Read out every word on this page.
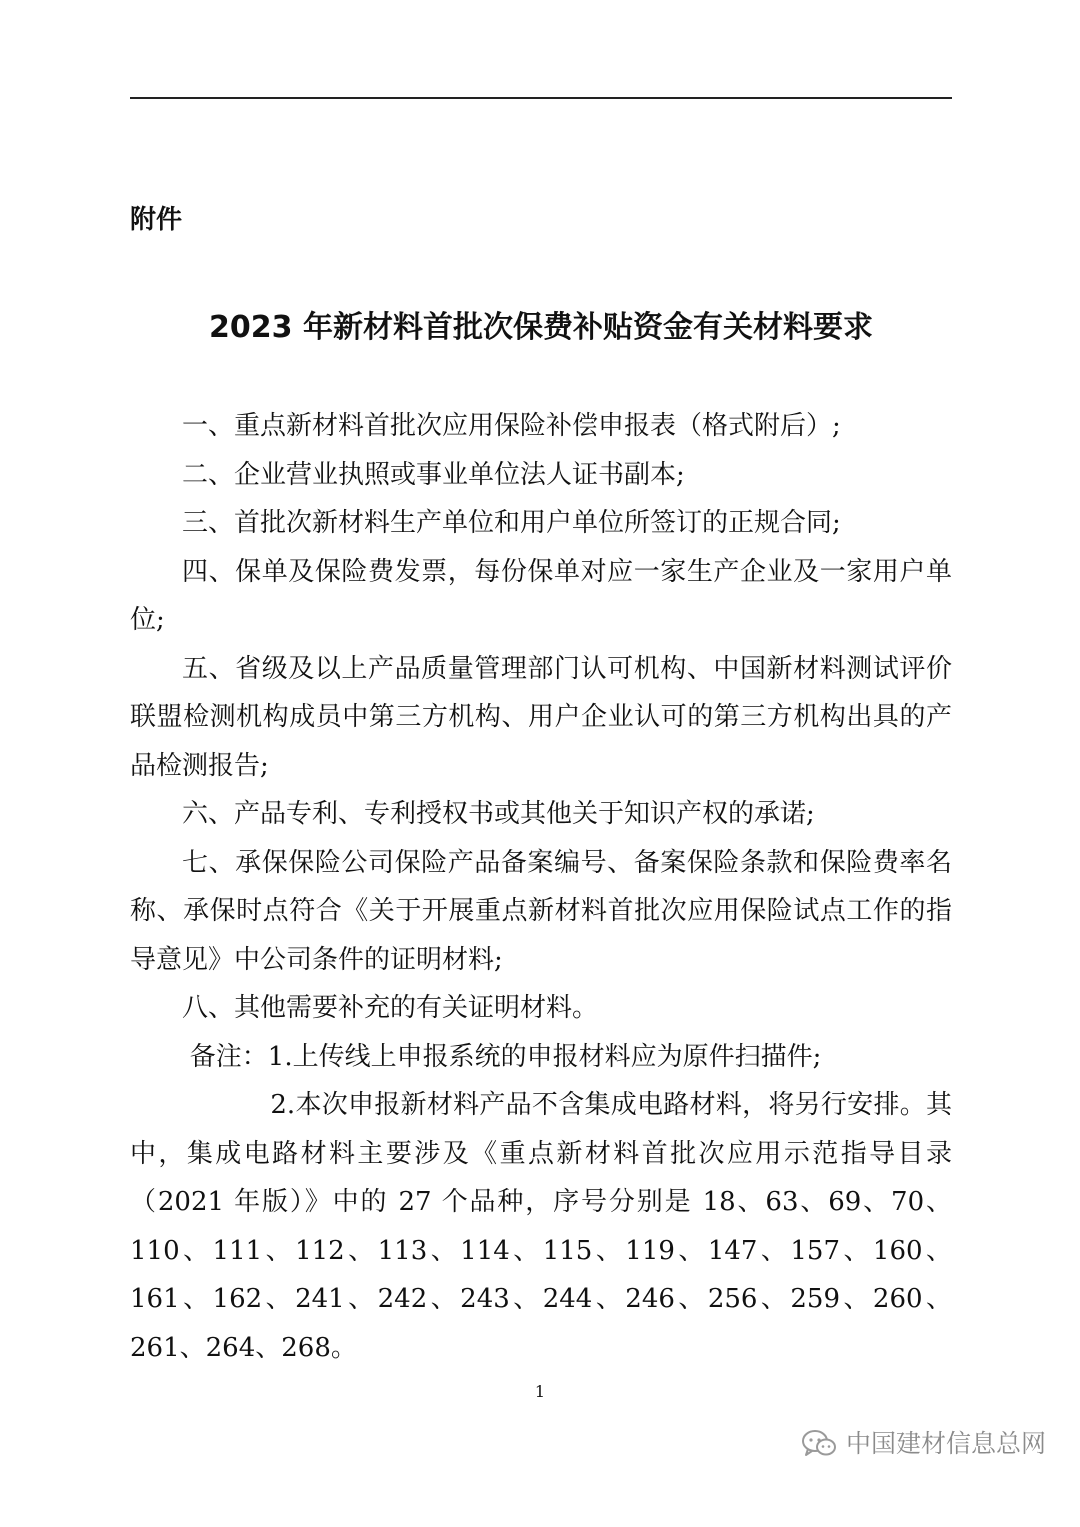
附件
2023 年新材料首批次保费补贴资金有关材料要求

一、重点新材料首批次应用保险补偿申报表（格式附后）;

二、企业营业执照或事业单位法人证书副本;

三、首批次新材料生产单位和用户单位所签订的正规合同;

四、保单及保险费发票，每份保单对应一家生产企业及一家用户单位;

五、省级及以上产品质量管理部门认可机构、中国新材料测试评价联盟检测机构成员中第三方机构、用户企业认可的第三方机构出具的产品检测报告;

六、产品专利、专利授权书或其他关于知识产权的承诺;

七、承保保险公司保险产品备案编号、备案保险条款和保险费率名称、承保时点符合《关于开展重点新材料首批次应用保险试点工作的指导意见》中公司条件的证明材料;

八、其他需要补充的有关证明材料。

备注：1.上传线上申报系统的申报材料应为原件扫描件;

2.本次申报新材料产品不含集成电路材料，将另行安排。其中，集成电路材料主要涉及《重点新材料首批次应用示范指导目录（2021 年版）》中的 27 个品种，序号分别是 18、63、69、70、110、111、112、113、114、115、119、147、157、160、161、162、241、242、243、244、246、256、259、260、261、264、268。

1
中国建材信息总网
